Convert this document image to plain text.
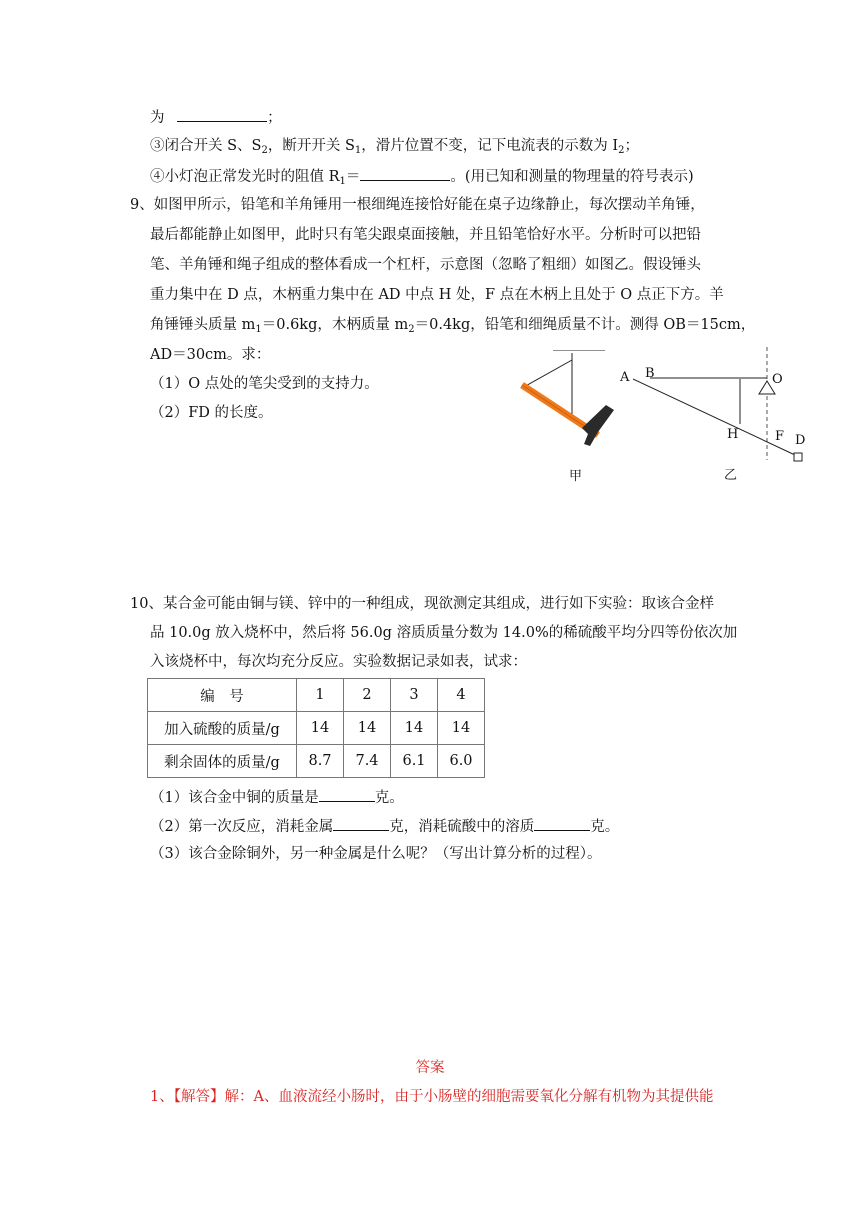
为	；
③闭合开关 S、$S_2$，断开开关 $S_1$，滑片位置不变，记下电流表的示数为 $I_2$；
④小灯泡正常发光时的阻值 $R_1=$	。(用已知和测量的物理量的符号表示)
9、如图甲所示，铅笔和羊角锤用一根细绳连接恰好能在桌子边缘静止，每次摆动羊角锤，
最后都能静止如图甲，此时只有笔尖跟桌面接触，并且铅笔恰好水平。分析时可以把铅
笔、羊角锤和绳子组成的整体看成一个杠杆，示意图（忽略了粗细）如图乙。假设锤头
重力集中在 D 点，木柄重力集中在 AD 中点 H 处，F 点在木柄上且处于 O 点正下方。羊
角锤锤头质量 $m_1=0.6kg$，木柄质量 $m_2=0.4kg$，铅笔和细绳质量不计。测得 OB＝15cm，
AD＝30cm。求：
（1）O 点处的笔尖受到的支持力。
（2）FD 的长度。
甲
A B	O
H	F D
乙
10、某合金可能由铜与镁、锌中的一种组成，现欲测定其组成，进行如下实验：取该合金样
品 10.0g 放入烧杯中，然后将 56.0g 溶质质量分数为 14.0%的稀硫酸平均分四等份依次加
入该烧杯中，每次均充分反应。实验数据记录如表，试求：
编　号	1	2	3	4
加入硫酸的质量/g	14	14	14	14
剩余固体的质量/g	8.7	7.4	6.1	6.0
（1）该合金中铜的质量是	克。
（2）第一次反应，消耗金属	克，消耗硫酸中的溶质	克。
（3）该合金除铜外，另一种金属是什么呢？（写出计算分析的过程）。
答案
1、【解答】解：A、血液流经小肠时，由于小肠壁的细胞需要氧化分解有机物为其提供能
